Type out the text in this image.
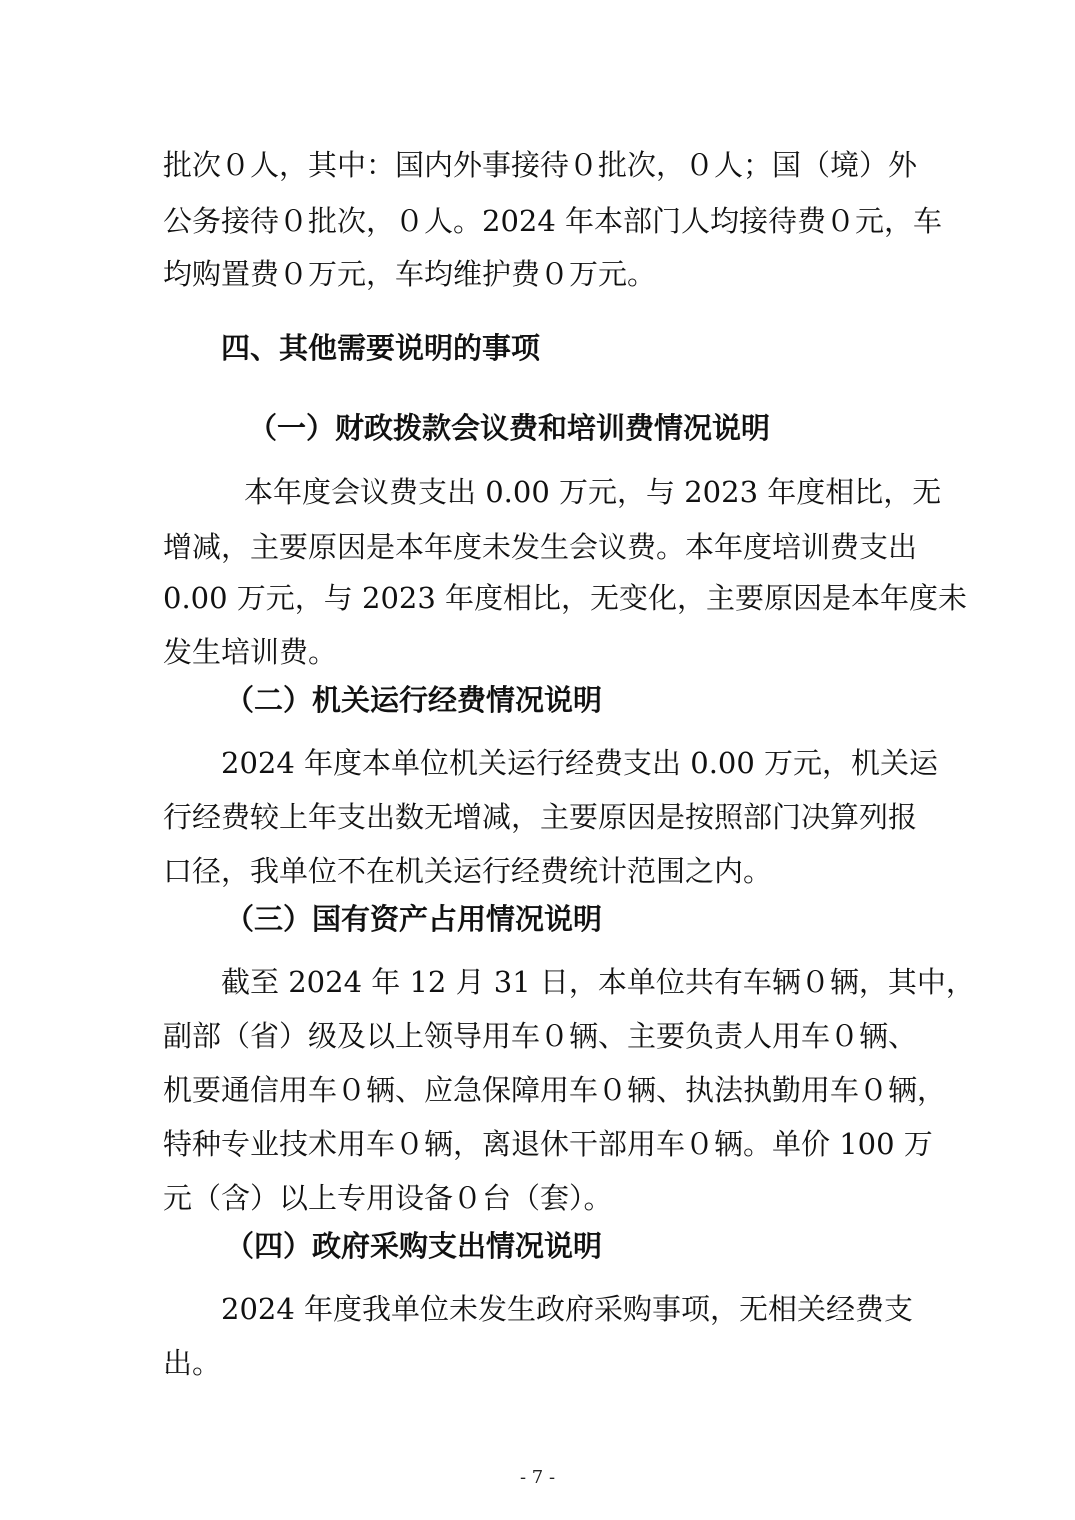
批次０人，其中：国内外事接待０批次，０人；国（境）外
公务接待０批次，０人。2024 年本部门人均接待费０元，车
均购置费０万元，车均维护费０万元。
四、其他需要说明的事项
（一）财政拨款会议费和培训费情况说明
本年度会议费支出 0.00 万元，与 2023 年度相比，无
增减，主要原因是本年度未发生会议费。本年度培训费支出
0.00 万元，与 2023 年度相比，无变化，主要原因是本年度未
发生培训费。
（二）机关运行经费情况说明
2024 年度本单位机关运行经费支出 0.00 万元，机关运
行经费较上年支出数无增减，主要原因是按照部门决算列报
口径，我单位不在机关运行经费统计范围之内。
（三）国有资产占用情况说明
截至 2024 年 12 月 31 日，本单位共有车辆０辆，其中，
副部（省）级及以上领导用车０辆、主要负责人用车０辆、
机要通信用车０辆、应急保障用车０辆、执法执勤用车０辆，
特种专业技术用车０辆，离退休干部用车０辆。单价 100 万
元（含）以上专用设备０台（套）。
（四）政府采购支出情况说明
2024 年度我单位未发生政府采购事项，无相关经费支
出。
- 7 -
